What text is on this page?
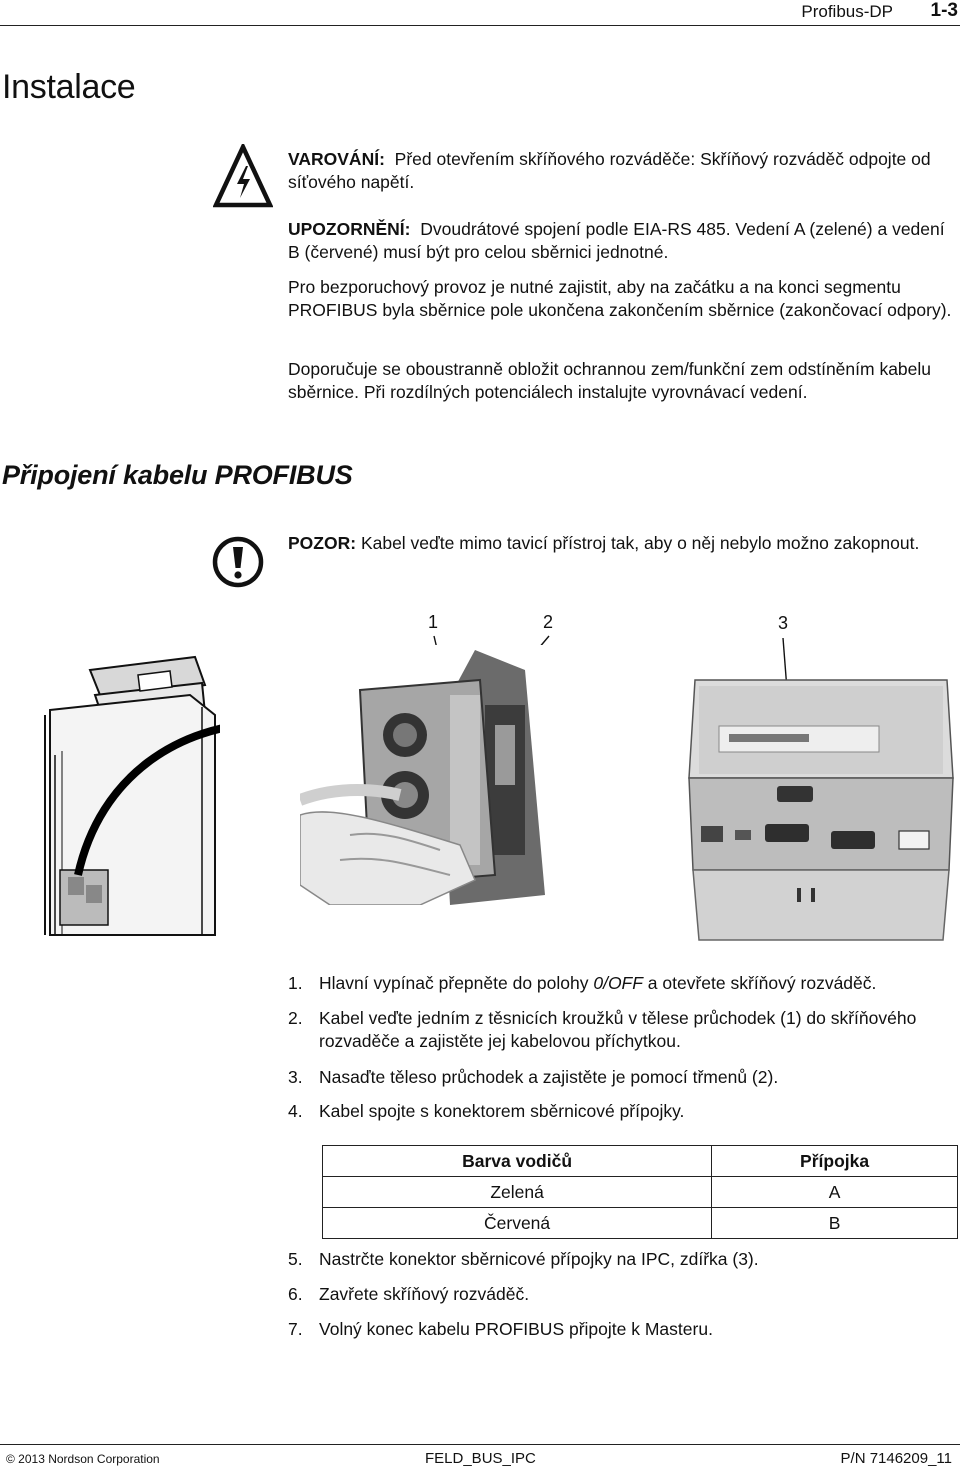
Profibus-DP 1-3
Instalace
VAROVÁNÍ: Před otevřením skříňového rozváděče: Skříňový rozváděč odpojte od síťového napětí.
UPOZORNĚNÍ: Dvoudrátové spojení podle EIA-RS 485. Vedení A (zelené) a vedení B (červené) musí být pro celou sběrnici jednotné.
Pro bezporuchový provoz je nutné zajistit, aby na začátku a na konci segmentu PROFIBUS byla sběrnice pole ukončena zakončením sběrnice (zakončovací odpory).
Doporučuje se oboustranně obložit ochrannou zem/funkční zem odstíněním kabelu sběrnice. Při rozdílných potenciálech instalujte vyrovnávací vedení.
Připojení kabelu PROFIBUS
POZOR: Kabel veďte mimo tavicí přístroj tak, aby o něj nebylo možno zakopnout.
1	2	3
1. Hlavní vypínač přepněte do polohy 0/OFF a otevřete skříňový rozváděč.
2. Kabel veďte jedním z těsnicích kroužků v tělese průchodek (1) do skříňového rozvaděče a zajistěte jej kabelovou příchytkou.
3. Nasaďte těleso průchodek a zajistěte je pomocí třmenů (2).
4. Kabel spojte s konektorem sběrnicové přípojky.
Barva vodičů	Přípojka
Zelená	A
Červená	B
5. Nastrčte konektor sběrnicové přípojky na IPC, zdířka (3).
6. Zavřete skříňový rozváděč.
7. Volný konec kabelu PROFIBUS připojte k Masteru.
© 2013 Nordson Corporation	FELD_BUS_IPC	P/N 7146209_11
